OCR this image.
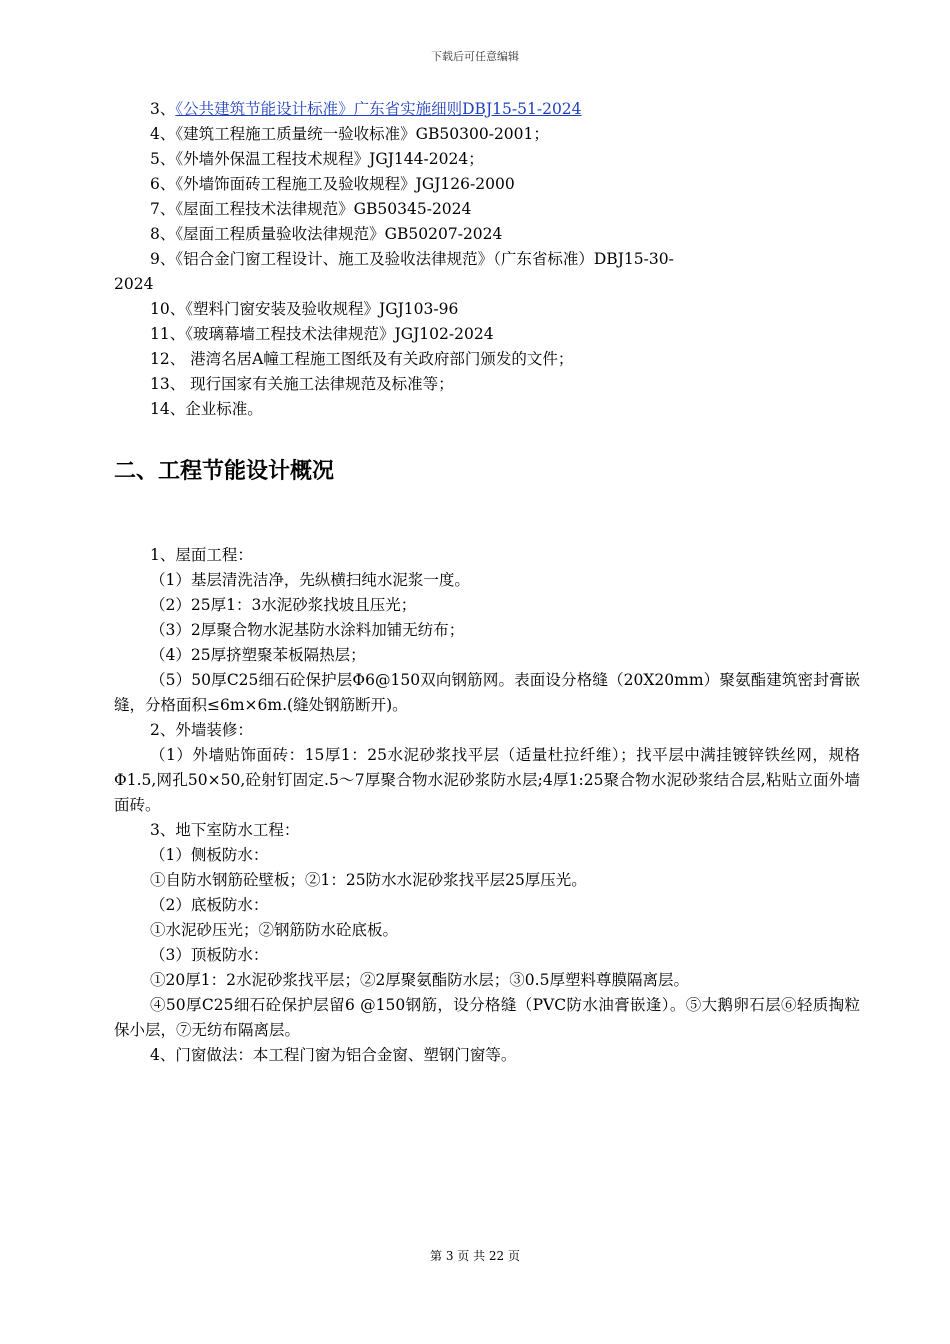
下载后可任意编辑
3、《公共建筑节能设计标准》广东省实施细则DBJ15-51-2024
4、《建筑工程施工质量统一验收标准》GB50300-2001；
5、《外墙外保温工程技术规程》JGJ144-2024；
6、《外墙饰面砖工程施工及验收规程》JGJ126-2000
7、《屋面工程技术法律规范》GB50345-2024
8、《屋面工程质量验收法律规范》GB50207-2024
9、《铝合金门窗工程设计、施工及验收法律规范》（广东省标准）DBJ15-30-
2024
10、《塑料门窗安装及验收规程》JGJ103-96
11、《玻璃幕墙工程技术法律规范》JGJ102-2024
12、 港湾名居A幢工程施工图纸及有关政府部门颁发的文件；
13、 现行国家有关施工法律规范及标准等；
14、企业标准。
二、工程节能设计概况
1、屋面工程：
（1）基层清洗洁净，先纵横扫纯水泥浆一度。
（2）25厚1：3水泥砂浆找坡且压光；
（3）2厚聚合物水泥基防水涂料加铺无纺布；
（4）25厚挤塑聚苯板隔热层；
（5）50厚C25细石砼保护层Φ6@150双向钢筋网。表面设分格缝（20X20mm）聚氨酯建筑密封膏嵌缝，分格面积≤6m×6m.(缝处钢筋断开)。
2、外墙装修：
（1）外墙贴饰面砖：15厚1：25水泥砂浆找平层（适量杜拉纤维）；找平层中满挂镀锌铁丝网，规格Φ1.5,网孔50×50,砼射钉固定.5～7厚聚合物水泥砂浆防水层;4厚1:25聚合物水泥砂浆结合层,粘贴立面外墙面砖。
3、地下室防水工程：
（1）侧板防水：
①自防水钢筋砼壁板；②1：25防水水泥砂浆找平层25厚压光。
（2）底板防水：
①水泥砂压光；②钢筋防水砼底板。
（3）顶板防水：
①20厚1：2水泥砂浆找平层；②2厚聚氨酯防水层；③0.5厚塑料尊膜隔离层。
④50厚C25细石砼保护层留6 @150钢筋，设分格缝（PVC防水油膏嵌逢）。⑤大鹅卵石层⑥轻质掏粒保小层，⑦无纺布隔离层。
4、门窗做法：本工程门窗为铝合金窗、塑钢门窗等。
第 3 页 共 22 页
